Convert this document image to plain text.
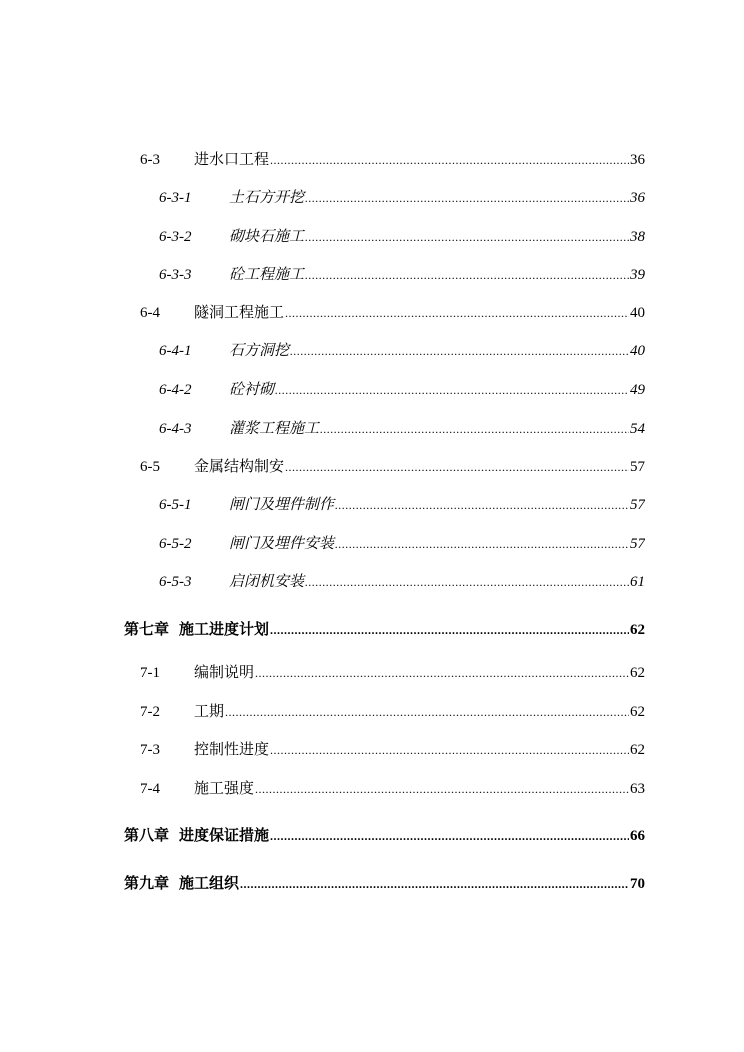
6-3	进水口工程 .....	36
6-3-1	土石方开挖 .....	36
6-3-2	砌块石施工 .....	38
6-3-3	砼工程施工 .....	39
6-4	隧洞工程施工 .....	40
6-4-1	石方洞挖 .....	40
6-4-2	砼衬砌 .....	49
6-4-3	灌浆工程施工 .....	54
6-5	金属结构制安 .....	57
6-5-1	闸门及埋件制作 .....	57
6-5-2	闸门及埋件安装 .....	57
6-5-3	启闭机安装 .....	61
第七章 施工进度计划 .....	62
7-1	编制说明 .....	62
7-2	工期 .....	62
7-3	控制性进度 .....	62
7-4	施工强度 .....	63
第八章 进度保证措施 .....	66
第九章 施工组织 .....	70
